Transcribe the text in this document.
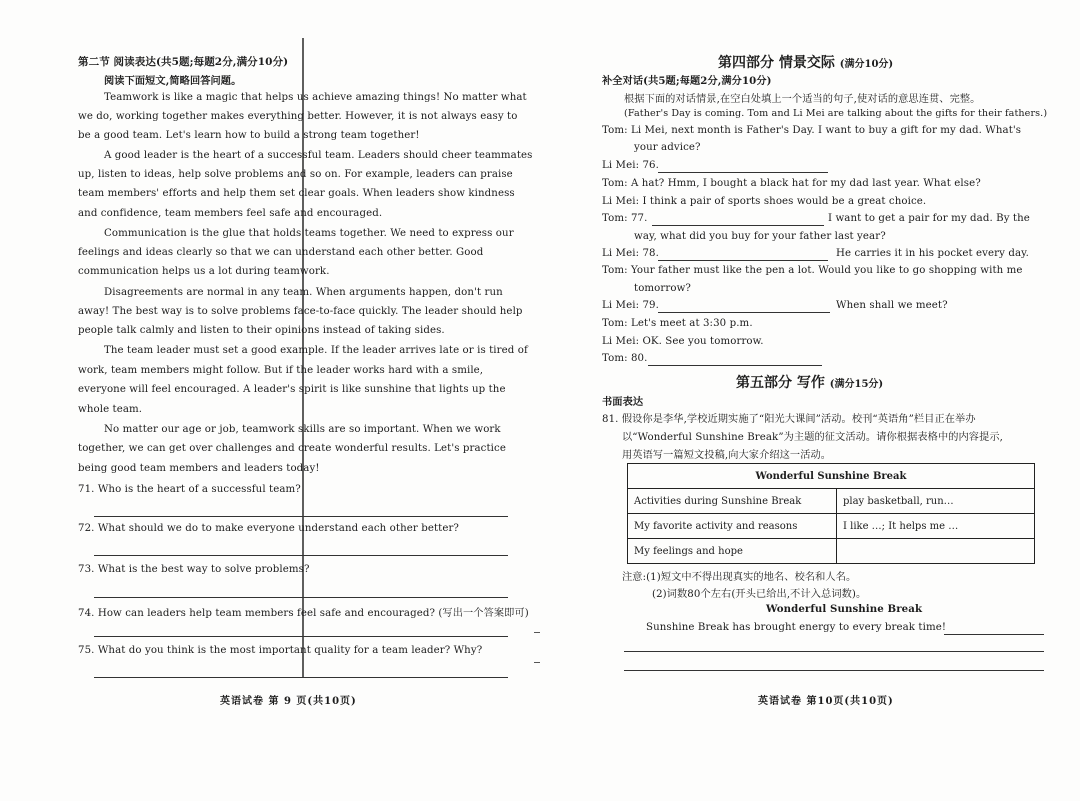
第二节 阅读表达(共5题;每题2分,满分10分)
阅读下面短文,简略回答问题。
Teamwork is like a magic that helps us achieve amazing things! No matter what
we do, working together makes everything better. However, it is not always easy to
be a good team. Let's learn how to build a strong team together!
A good leader is the heart of a successful team. Leaders should cheer teammates
up, listen to ideas, help solve problems and so on. For example, leaders can praise
team members' efforts and help them set clear goals. When leaders show kindness
and confidence, team members feel safe and encouraged.
Communication is the glue that holds teams together. We need to express our
feelings and ideas clearly so that we can understand each other better. Good
communication helps us a lot during teamwork.
Disagreements are normal in any team. When arguments happen, don't run
away! The best way is to solve problems face-to-face quickly. The leader should help
people talk calmly and listen to their opinions instead of taking sides.
The team leader must set a good example. If the leader arrives late or is tired of
work, team members might follow. But if the leader works hard with a smile,
everyone will feel encouraged. A leader's spirit is like sunshine that lights up the
whole team.
No matter our age or job, teamwork skills are so important. When we work
together, we can get over challenges and create wonderful results. Let's practice
being good team members and leaders today!
71. Who is the heart of a successful team?
72. What should we do to make everyone understand each other better?
73. What is the best way to solve problems?
74. How can leaders help team members feel safe and encouraged? (写出一个答案即可)
75. What do you think is the most important quality for a team leader? Why?
英语试卷 第 9 页(共10页)
第四部分 情景交际 (满分10分)
补全对话(共5题;每题2分,满分10分)
根据下面的对话情景,在空白处填上一个适当的句子,使对话的意思连贯、完整。
(Father's Day is coming. Tom and Li Mei are talking about the gifts for their fathers.)
Tom: Li Mei, next month is Father's Day. I want to buy a gift for my dad. What's
your advice?
Li Mei: 76.
Tom: A hat? Hmm, I bought a black hat for my dad last year. What else?
Li Mei: I think a pair of sports shoes would be a great choice.
Tom: 77.	I want to get a pair for my dad. By the
way, what did you buy for your father last year?
Li Mei: 78.	He carries it in his pocket every day.
Tom: Your father must like the pen a lot. Would you like to go shopping with me
tomorrow?
Li Mei: 79.	When shall we meet?
Tom: Let's meet at 3:30 p.m.
Li Mei: OK. See you tomorrow.
Tom: 80.
第五部分 写作 (满分15分)
书面表达
81. 假设你是李华,学校近期实施了“阳光大课间”活动。校刊“英语角”栏目正在举办
以“Wonderful Sunshine Break”为主题的征文活动。请你根据表格中的内容提示,
用英语写一篇短文投稿,向大家介绍这一活动。
Wonderful Sunshine Break	
Activities during Sunshine Break	play basketball, run…
My favorite activity and reasons	I like …; It helps me …
My feelings and hope	
注意:(1)短文中不得出现真实的地名、校名和人名。
(2)词数80个左右(开头已给出,不计入总词数)。
Wonderful Sunshine Break
Sunshine Break has brought energy to every break time!
英语试卷 第10页(共10页)
